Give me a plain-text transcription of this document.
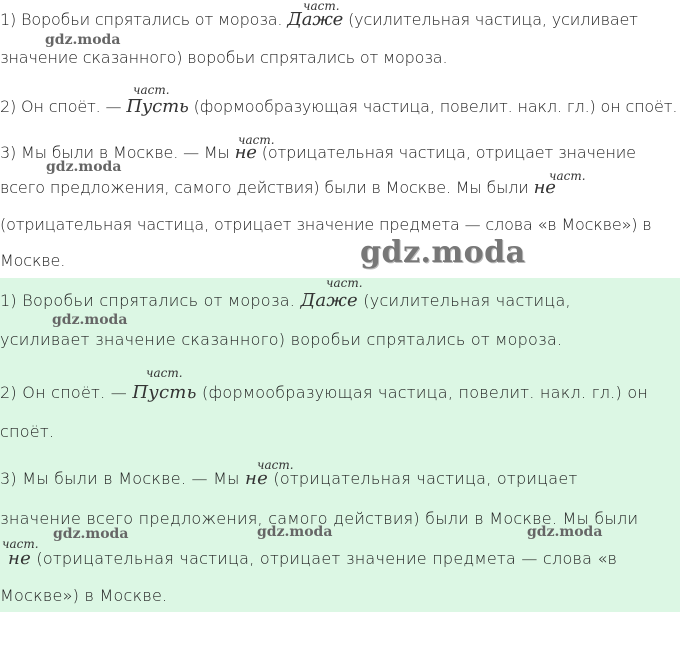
1) Воробьи спрятались от мороза. Даже (усилительная частица, усиливает
значение сказанного) воробьи спрятались от мороза.
2) Он споёт. — Пусть (формообразующая частица, повелит. накл. гл.) он споёт.
3) Мы были в Москве. — Мы не (отрицательная частица, отрицает значение
всего предложения, самого действия) были в Москве. Мы были не
(отрицательная частица, отрицает значение предмета — слова «в Москве») в
Москве.
част.
част.
част.
част.
1) Воробьи спрятались от мороза. Даже (усилительная частица,
усиливает значение сказанного) воробьи спрятались от мороза.
2) Он споёт. — Пусть (формообразующая частица, повелит. накл. гл.) он
споёт.
3) Мы были в Москве. — Мы не (отрицательная частица, отрицает
значение всего предложения, самого действия) были в Москве. Мы были
не (отрицательная частица, отрицает значение предмета — слова «в
Москве») в Москве.
част.
част.
част.
част.
gdz.moda
gdz.moda
gdz.moda
gdz.moda
gdz.moda	gdz.moda	gdz.moda
